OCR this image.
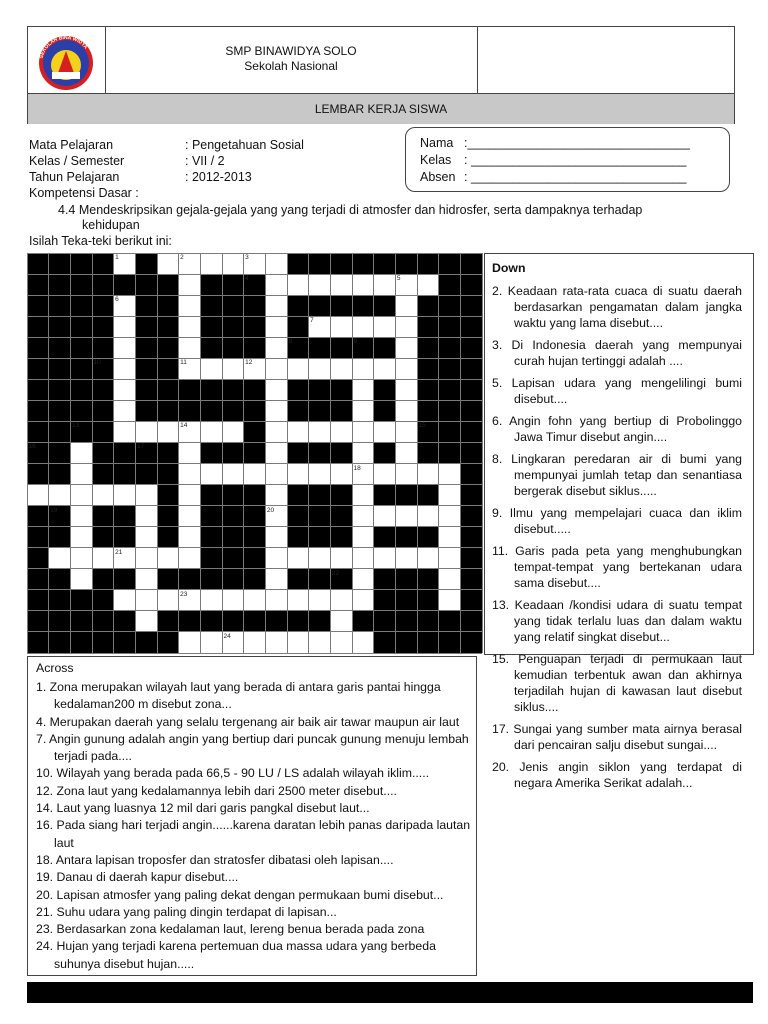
SEKOLAH BINA WIDYA	SMP BINAWIDYA SOLO
Sekolah Nasional
LEMBAR KERJA SISWA
Mata Pelajaran	: Pengetahuan Sosial
Kelas / Semester	: VII / 2
Tahun Pelajaran	: 2012-2013
Kompetensi Dasar :
4.4 Mendeskripsikan gejala-gejala yang yang terjadi di atmosfer dan hidrosfer, serta dampaknya terhadap
kehidupan
Isilah Teka-teki berikut ini:
Nama :________________________________
Kelas : _______________________________
Absen : _______________________________
1	2	3
4	5
6
7
8	9
10	11	12
13	14	15
16	17
18
19	20
21
22
23
24
Down

2. Keadaan rata-rata cuaca di suatu daerah berdasarkan pengamatan dalam jangka waktu yang lama disebut....

3. Di Indonesia daerah yang mempunyai curah hujan tertinggi adalah ....

5. Lapisan udara yang mengelilingi bumi disebut....

6. Angin fohn yang bertiup di Probolinggo Jawa Timur disebut angin....

8. Lingkaran peredaran air di bumi yang mempunyai jumlah tetap dan senantiasa bergerak disebut siklus.....

9. Ilmu yang mempelajari cuaca dan iklim disebut.....

11. Garis pada peta yang menghubungkan tempat-tempat yang bertekanan udara sama disebut....

13. Keadaan /kondisi udara di suatu tempat yang tidak terlalu luas dan dalam waktu yang relatif singkat disebut...

15. Penguapan terjadi di permukaan laut kemudian terbentuk awan dan akhirnya terjadilah hujan di kawasan laut disebut siklus....

17. Sungai yang sumber mata airnya berasal dari pencairan salju disebut sungai....

20. Jenis angin siklon yang terdapat di negara Amerika Serikat adalah...

Across

1. Zona merupakan wilayah laut yang berada di antara garis pantai hingga kedalaman200 m disebut zona...

4. Merupakan daerah yang selalu tergenang air baik air tawar maupun air laut

7. Angin gunung adalah angin yang bertiup dari puncak gunung menuju lembah terjadi pada....

10. Wilayah yang berada pada 66,5 - 90 LU / LS adalah wilayah iklim.....

12. Zona laut yang kedalamannya lebih dari 2500 meter disebut....

14. Laut yang luasnya 12 mil dari garis pangkal disebut laut...

16. Pada siang hari terjadi angin......karena daratan lebih panas daripada lautan laut

18. Antara lapisan troposfer dan stratosfer dibatasi oleh lapisan....

19. Danau di daerah kapur disebut....

20. Lapisan atmosfer yang paling dekat dengan permukaan bumi disebut...

21. Suhu udara yang paling dingin terdapat di lapisan...

23. Berdasarkan zona kedalaman laut, lereng benua berada pada zona

24. Hujan yang terjadi karena pertemuan dua massa udara yang berbeda suhunya disebut hujan.....
